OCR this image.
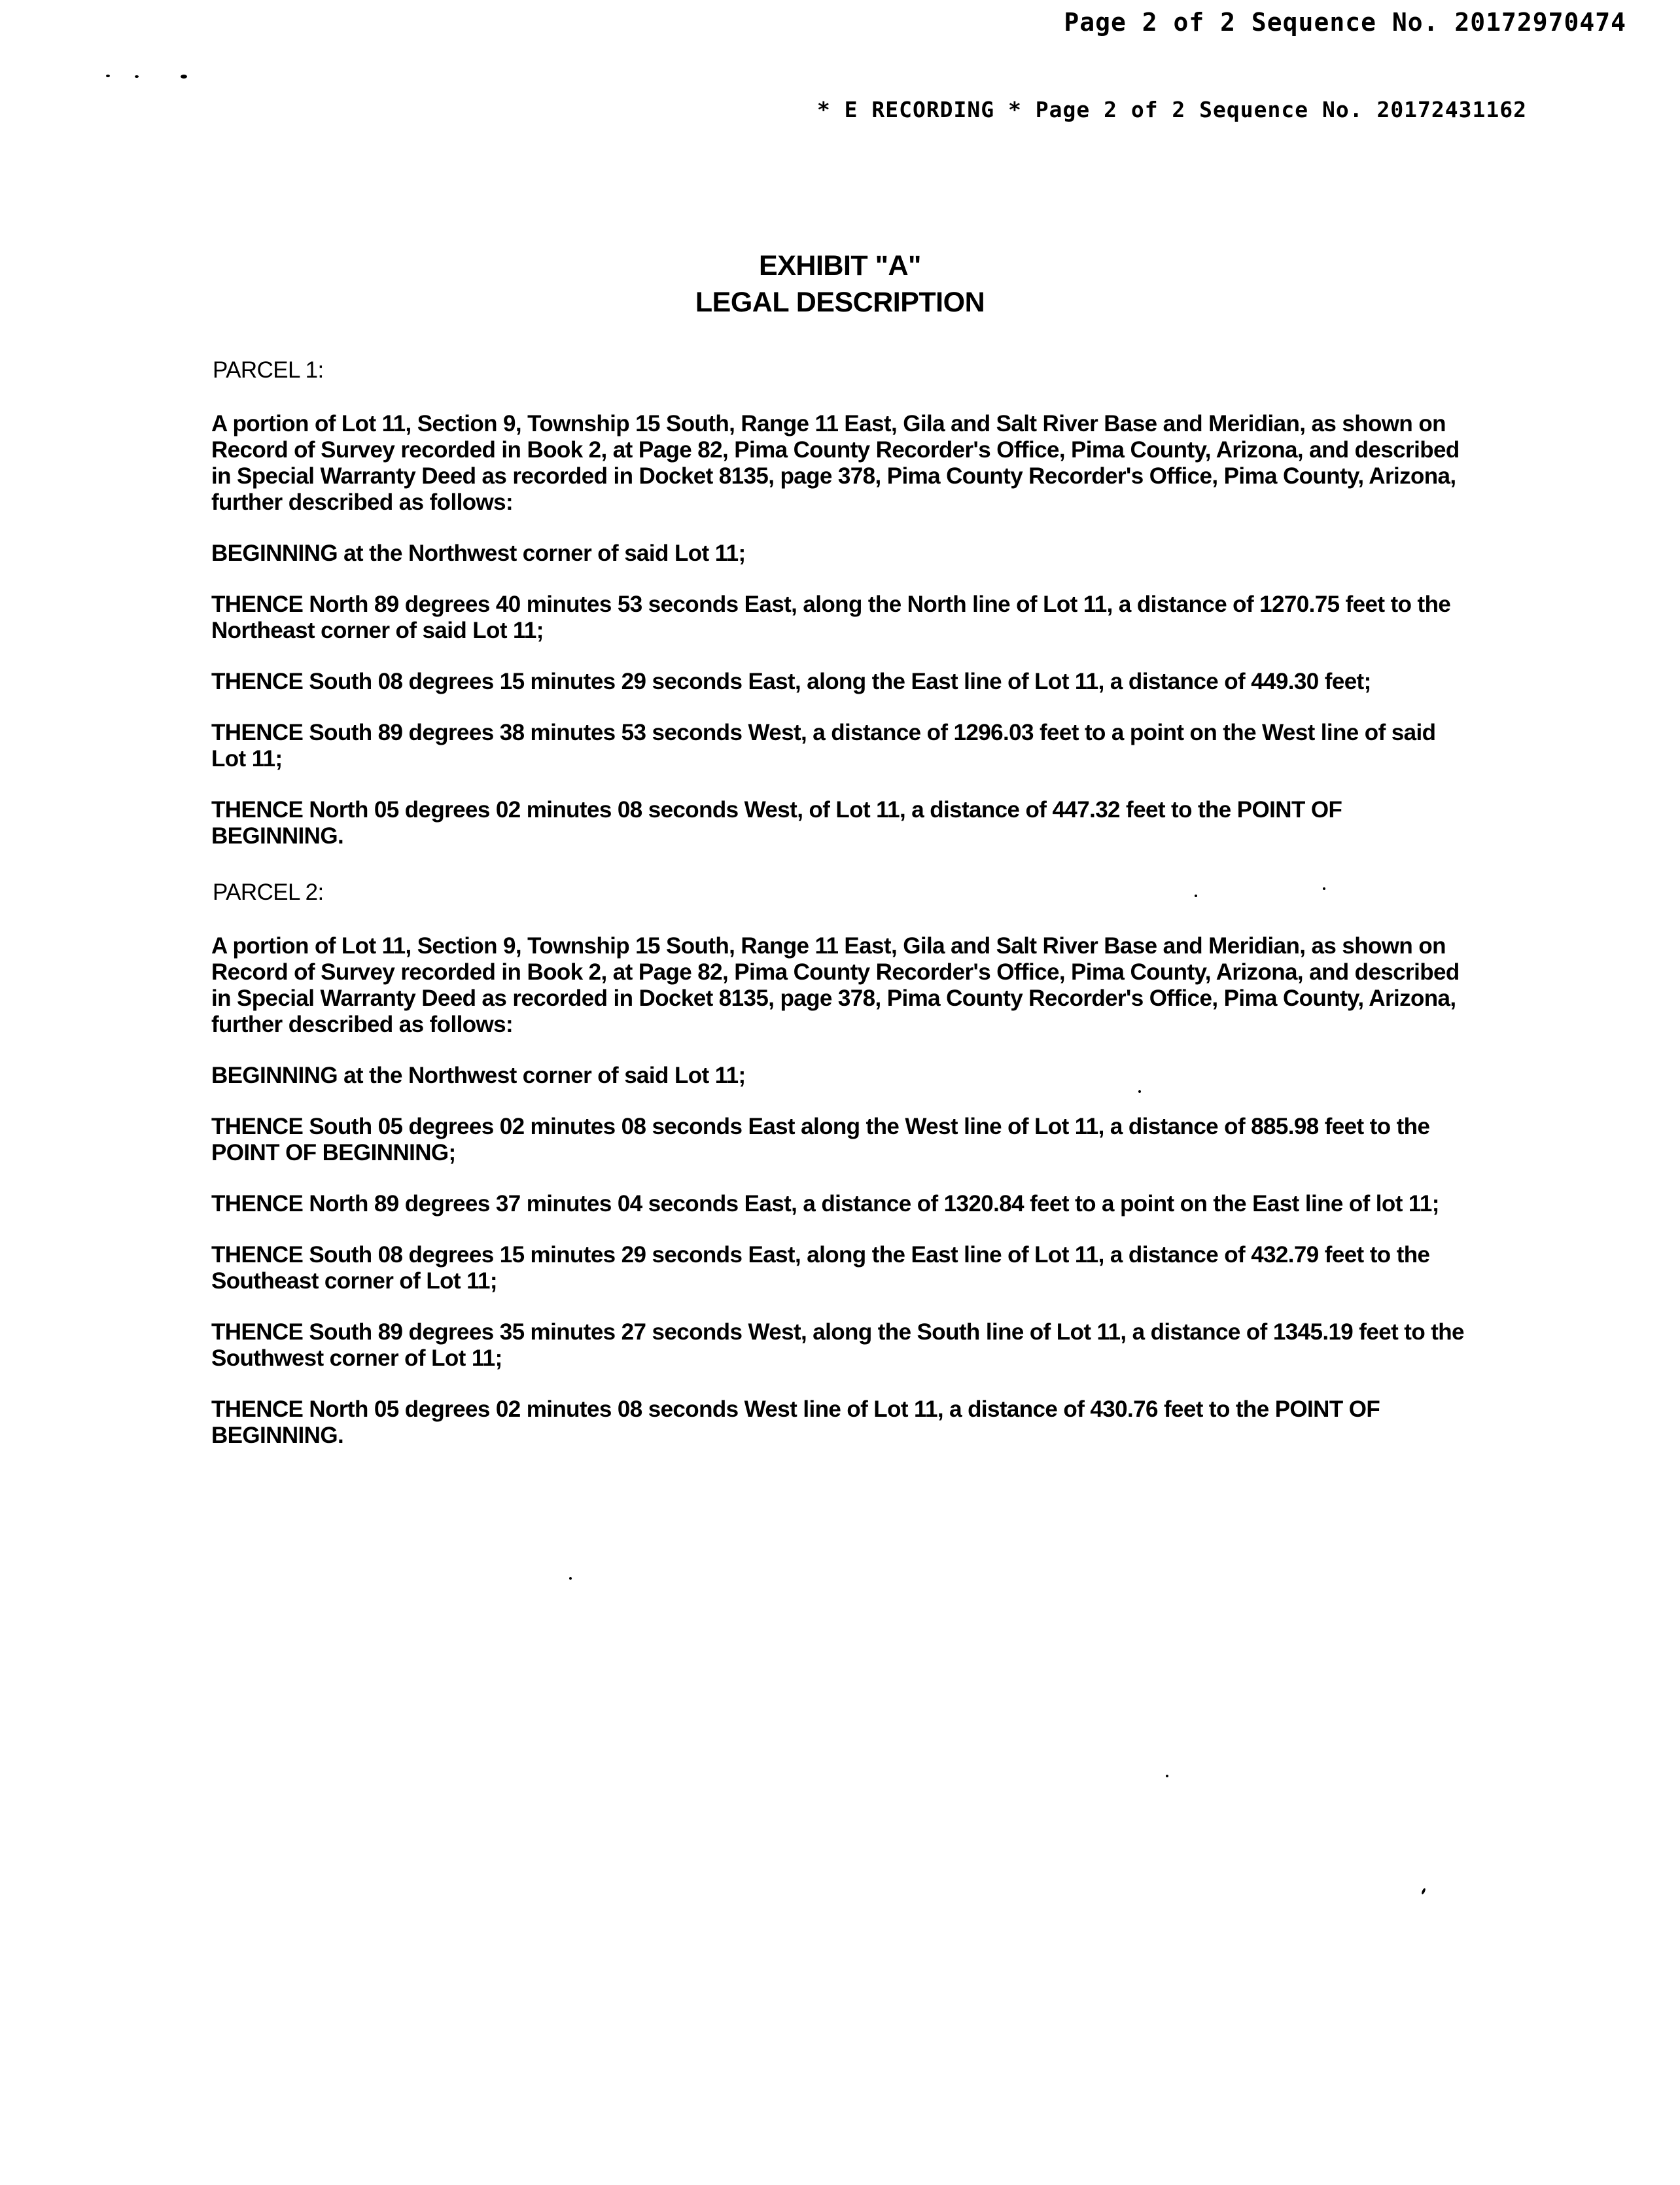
Page 2 of 2 Sequence No. 20172970474
* E RECORDING * Page 2 of 2 Sequence No. 20172431162
EXHIBIT "A"
LEGAL DESCRIPTION
PARCEL 1:
A portion of Lot 11, Section 9, Township 15 South, Range 11 East, Gila and Salt River Base and Meridian, as shown on Record of Survey recorded in Book 2, at Page 82, Pima County Recorder's Office, Pima County, Arizona, and described in Special Warranty Deed as recorded in Docket 8135, page 378, Pima County Recorder's Office, Pima County, Arizona, further described as follows:
BEGINNING at the Northwest corner of said Lot 11;
THENCE North 89 degrees 40 minutes 53 seconds East, along the North line of Lot 11, a distance of 1270.75 feet to the Northeast corner of said Lot 11;
THENCE South 08 degrees 15 minutes 29 seconds East, along the East line of Lot 11, a distance of 449.30 feet;
THENCE South 89 degrees 38 minutes 53 seconds West, a distance of 1296.03 feet to a point on the West line of said Lot 11;
THENCE North 05 degrees 02 minutes 08 seconds West, of Lot 11, a distance of 447.32 feet to the POINT OF BEGINNING.
PARCEL 2:
A portion of Lot 11, Section 9, Township 15 South, Range 11 East, Gila and Salt River Base and Meridian, as shown on Record of Survey recorded in Book 2, at Page 82, Pima County Recorder's Office, Pima County, Arizona, and described in Special Warranty Deed as recorded in Docket 8135, page 378, Pima County Recorder's Office, Pima County, Arizona, further described as follows:
BEGINNING at the Northwest corner of said Lot 11;
THENCE South 05 degrees 02 minutes 08 seconds East along the West line of Lot 11, a distance of 885.98 feet to the POINT OF BEGINNING;
THENCE North 89 degrees 37 minutes 04 seconds East, a distance of 1320.84 feet to a point on the East line of lot 11;
THENCE South 08 degrees 15 minutes 29 seconds East, along the East line of Lot 11, a distance of 432.79 feet to the Southeast corner of Lot 11;
THENCE South 89 degrees 35 minutes 27 seconds West, along the South line of Lot 11, a distance of 1345.19 feet to the Southwest corner of Lot 11;
THENCE North 05 degrees 02 minutes 08 seconds West line of Lot 11, a distance of 430.76 feet to the POINT OF BEGINNING.
